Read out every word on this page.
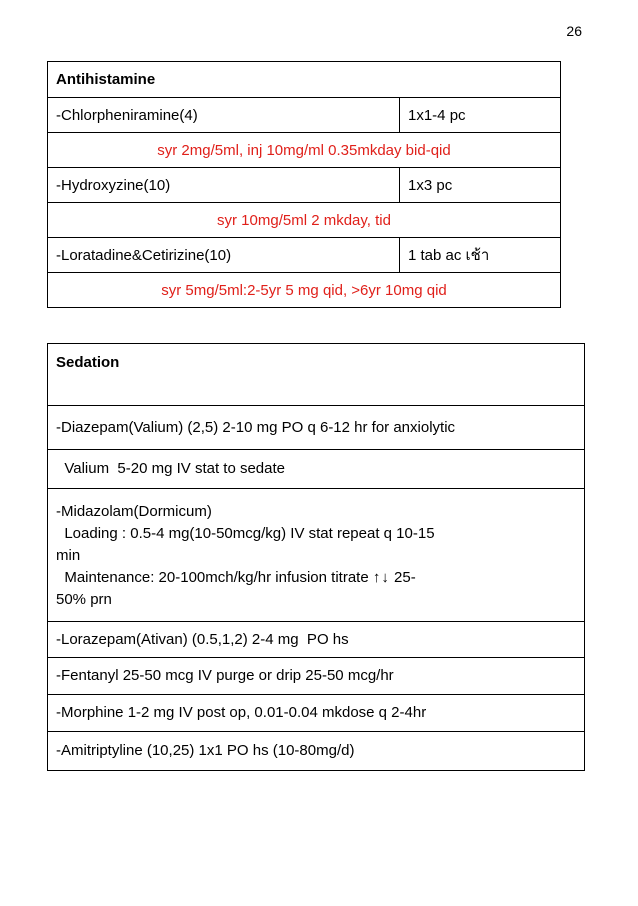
26
Antihistamine	
-Chlorpheniramine(4)	1x1-4 pc
syr 2mg/5ml, inj 10mg/ml 0.35mkday bid-qid	
-Hydroxyzine(10)	1x3 pc
syr 10mg/5ml 2 mkday, tid	
-Loratadine&Cetirizine(10)	1 tab ac เช้า
syr 5mg/5ml:2-5yr 5 mg qid, >6yr 10mg qid	
Sedation
-Diazepam(Valium) (2,5) 2-10 mg PO q 6-12 hr for anxiolytic
Valium  5-20 mg IV stat to sedate
-Midazolam(Dormicum)
Loading : 0.5-4 mg(10-50mcg/kg) IV stat repeat q 10-15
min
Maintenance: 20-100mch/kg/hr infusion titrate ↑↓ 25-
50% prn
-Lorazepam(Ativan) (0.5,1,2) 2-4 mg  PO hs
-Fentanyl 25-50 mcg IV purge or drip 25-50 mcg/hr
-Morphine 1-2 mg IV post op, 0.01-0.04 mkdose q 2-4hr
-Amitriptyline (10,25) 1x1 PO hs (10-80mg/d)
